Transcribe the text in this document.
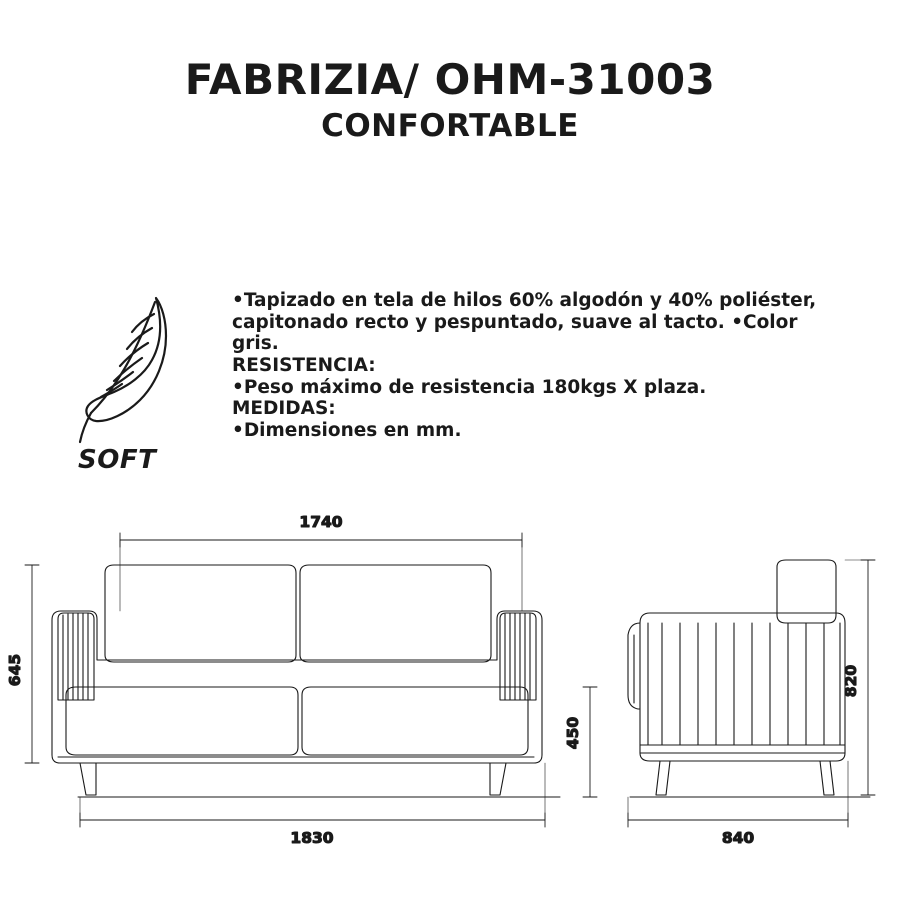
FABRIZIA/ OHM-31003
CONFORTABLE
SOFT

•Tapizado en tela de hilos 60% algodón y 40% poliéster,

capitonado recto y pespuntado, suave al tacto. •Color

gris.

RESISTENCIA:

•Peso máximo de resistencia 180kgs X plaza.

MEDIDAS:

•Dimensiones en mm.

1740
645
1830
450
820
840
